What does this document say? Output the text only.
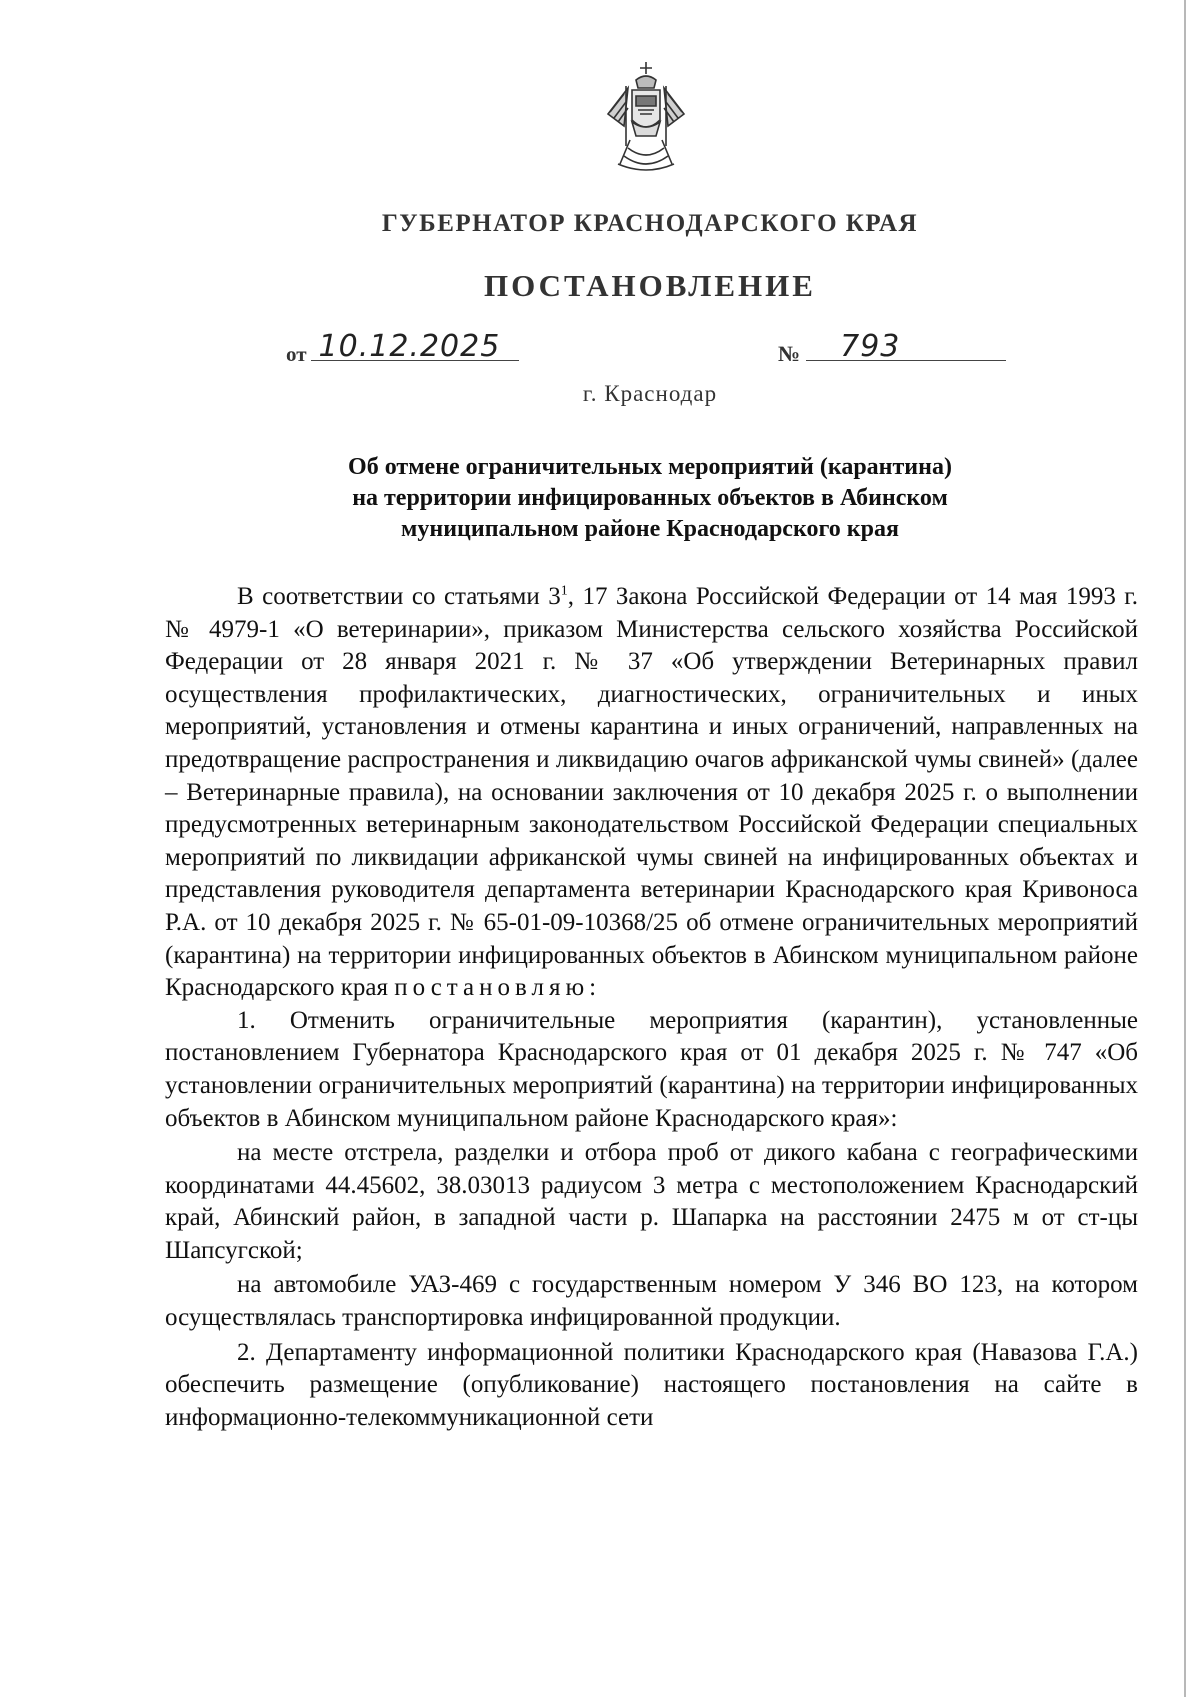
ГУБЕРНАТОР КРАСНОДАРСКОГО КРАЯ
ПОСТАНОВЛЕНИЕ
от 10.12.2025	№ 793
г. Краснодар
Об отмене ограничительных мероприятий (карантина)
на территории инфицированных объектов в Абинском
муниципальном районе Краснодарского края

В соответствии со статьями $3^1$, 17 Закона Российской Федерации от 14 мая 1993 г. № 4979-1 «О ветеринарии», приказом Министерства сельского хозяйства Российской Федерации от 28 января 2021 г. № 37 «Об утверждении Ветеринарных правил осуществления профилактических, диагностических, ограничительных и иных мероприятий, установления и отмены карантина и иных ограничений, направленных на предотвращение распространения и ликвидацию очагов африканской чумы свиней» (далее – Ветеринарные правила), на основании заключения от 10 декабря 2025 г. о выполнении предусмотренных ветеринарным законодательством Российской Федерации специальных мероприятий по ликвидации африканской чумы свиней на инфицированных объектах и представления руководителя департамента ветеринарии Краснодарского края Кривоноса Р.А. от 10 декабря 2025 г. № 65-01-09-10368/25 об отмене ограничительных мероприятий (карантина) на территории инфицированных объектов в Абинском муниципальном районе Краснодарского края постановляю:

1. Отменить ограничительные мероприятия (карантин), установленные постановлением Губернатора Краснодарского края от 01 декабря 2025 г. № 747 «Об установлении ограничительных мероприятий (карантина) на территории инфицированных объектов в Абинском муниципальном районе Краснодарского края»:

на месте отстрела, разделки и отбора проб от дикого кабана с географическими координатами 44.45602, 38.03013 радиусом 3 метра с местоположением Краснодарский край, Абинский район, в западной части р. Шапарка на расстоянии 2475 м от ст-цы Шапсугской;

на автомобиле УАЗ-469 с государственным номером У 346 ВО 123, на котором осуществлялась транспортировка инфицированной продукции.

2. Департаменту информационной политики Краснодарского края (Навазова Г.А.) обеспечить размещение (опубликование) настоящего постановления на сайте в информационно-телекоммуникационной сети
